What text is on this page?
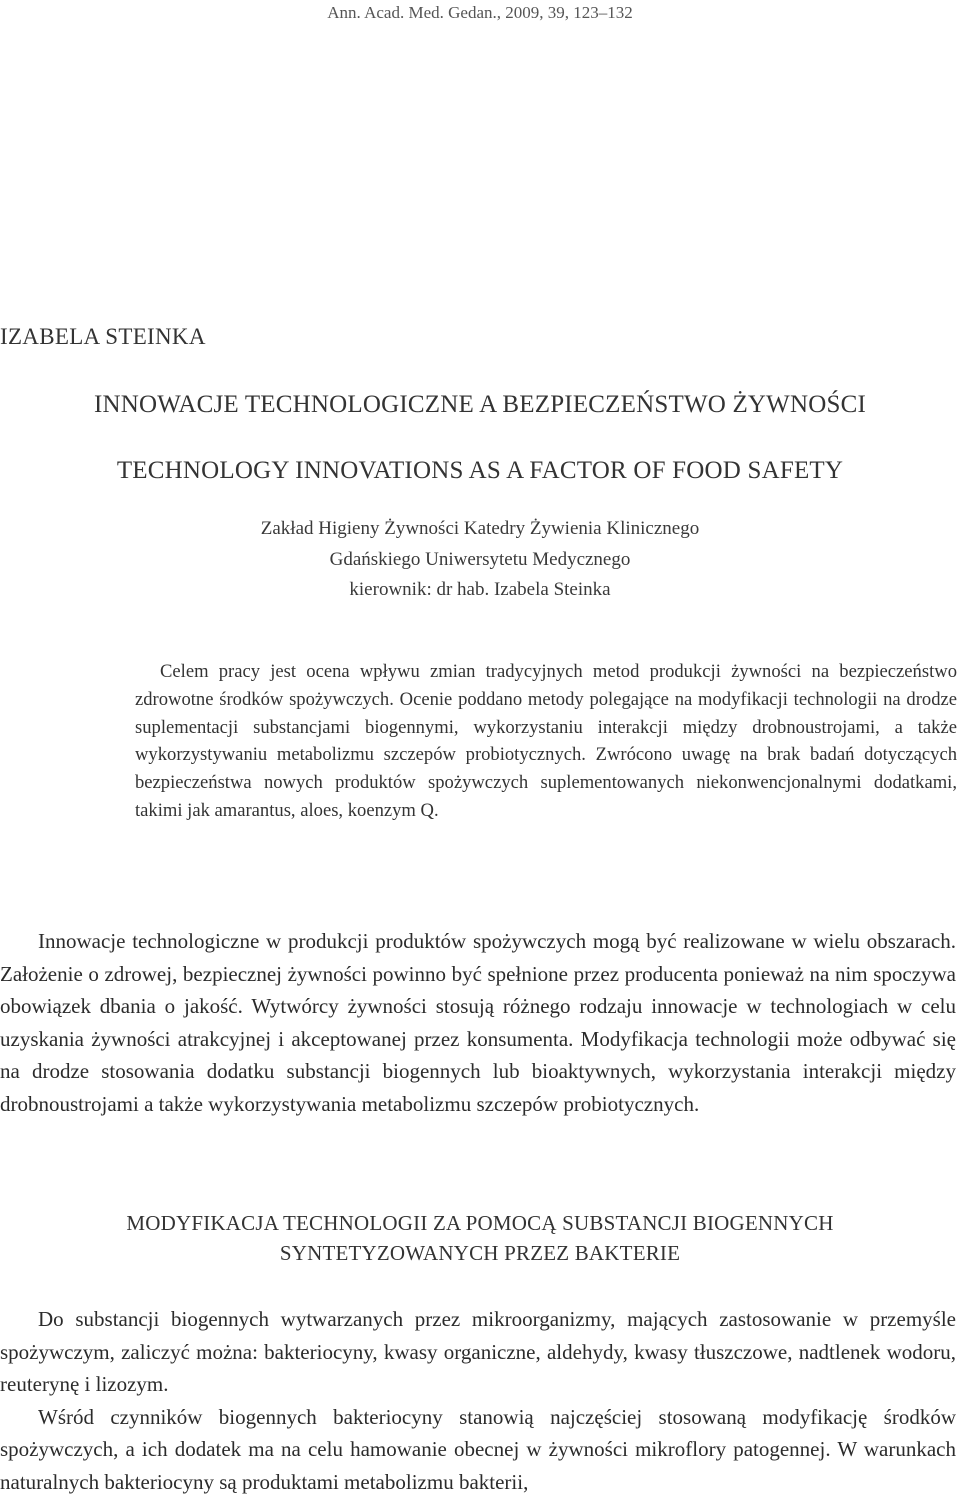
Ann. Acad. Med. Gedan., 2009, 39, 123–132
IZABELA STEINKA
INNOWACJE TECHNOLOGICZNE A BEZPIECZEŃSTWO ŻYWNOŚCI
TECHNOLOGY INNOVATIONS AS A FACTOR OF FOOD SAFETY
Zakład Higieny Żywności Katedry Żywienia Klinicznego
Gdańskiego Uniwersytetu Medycznego
kierownik: dr hab. Izabela Steinka

Celem pracy jest ocena wpływu zmian tradycyjnych metod produkcji żywności na bezpieczeństwo zdrowotne środków spożywczych. Ocenie poddano metody polegające na modyfikacji technologii na drodze suplementacji substancjami biogennymi, wykorzystaniu interakcji między drobnoustrojami, a także wykorzystywaniu metabolizmu szczepów probiotycznych. Zwrócono uwagę na brak badań dotyczących bezpieczeństwa nowych produktów spożywczych suplementowanych niekonwencjonalnymi dodatkami, takimi jak amarantus, aloes, koenzym Q.

Innowacje technologiczne w produkcji produktów spożywczych mogą być realizowane w wielu obszarach. Założenie o zdrowej, bezpiecznej żywności powinno być spełnione przez producenta ponieważ na nim spoczywa obowiązek dbania o jakość. Wytwórcy żywności stosują różnego rodzaju innowacje w technologiach w celu uzyskania żywności atrakcyjnej i akceptowanej przez konsumenta. Modyfikacja technologii może odbywać się na drodze stosowania dodatku substancji biogennych lub bioaktywnych, wykorzystania interakcji między drobnoustrojami a także wykorzystywania metabolizmu szczepów probiotycznych.

MODYFIKACJA TECHNOLOGII ZA POMOCĄ SUBSTANCJI BIOGENNYCH
SYNTETYZOWANYCH PRZEZ BAKTERIE

Do substancji biogennych wytwarzanych przez mikroorganizmy, mających zastosowanie w przemyśle spożywczym, zaliczyć można: bakteriocyny, kwasy organiczne, aldehydy, kwasy tłuszczowe, nadtlenek wodoru, reuterynę i lizozym.

Wśród czynników biogennych bakteriocyny stanowią najczęściej stosowaną modyfikację środków spożywczych, a ich dodatek ma na celu hamowanie obecnej w żywności mikroflory patogennej. W warunkach naturalnych bakteriocyny są produktami metabolizmu bakterii,
